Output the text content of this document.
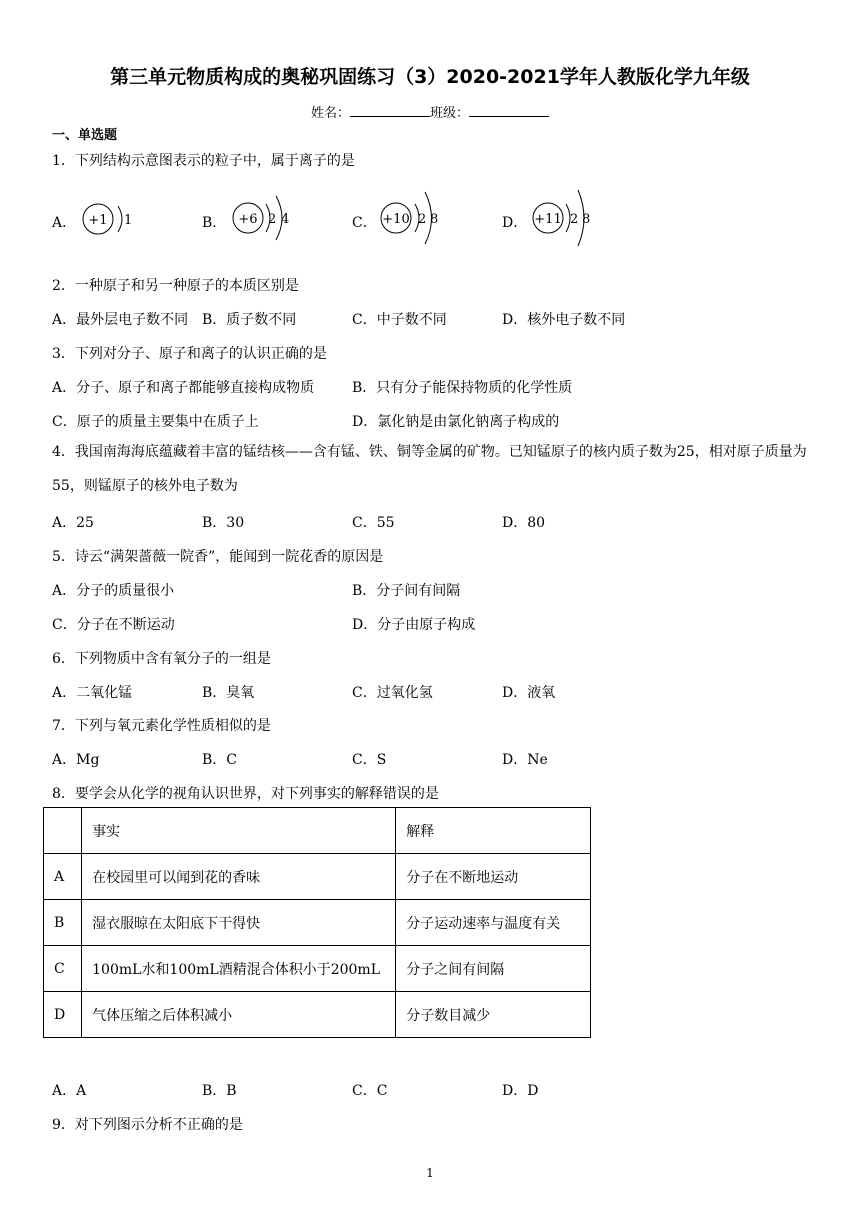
第三单元物质构成的奥秘巩固练习（3）2020-2021学年人教版化学九年级
姓名：	班级：
一、单选题
1．下列结构示意图表示的粒子中，属于离子的是
A． +1 1	B． +6 2 4	C． +10 2 8	D． +11 2 8
2．一种原子和另一种原子的本质区别是
A．最外层电子数不同 B．质子数不同	C．中子数不同	D．核外电子数不同
3．下列对分子、原子和离子的认识正确的是
A．分子、原子和离子都能够直接构成物质	B．只有分子能保持物质的化学性质
C．原子的质量主要集中在质子上	D．氯化钠是由氯化钠离子构成的
4．我国南海海底蕴藏着丰富的锰结核——含有锰、铁、铜等金属的矿物。已知锰原子的核内质子数为25，相对原子质量为55，则锰原子的核外电子数为
A．25	B．30	C．55	D．80
5．诗云“满架蔷薇一院香”，能闻到一院花香的原因是
A．分子的质量很小	B．分子间有间隔
C．分子在不断运动	D．分子由原子构成
6．下列物质中含有氧分子的一组是
A．二氧化锰	B．臭氧	C．过氧化氢	D．液氧
7．下列与氧元素化学性质相似的是
A．Mg	B．C	C．S	D．Ne
8．要学会从化学的视角认识世界，对下列事实的解释错误的是
	事实	解释
A	在校园里可以闻到花的香味	分子在不断地运动
B	湿衣服晾在太阳底下干得快	分子运动速率与温度有关
C	100mL水和100mL酒精混合体积小于200mL	分子之间有间隔
D	气体压缩之后体积减小	分子数目减少
A．A	B．B	C．C	D．D
9．对下列图示分析不正确的是
1
